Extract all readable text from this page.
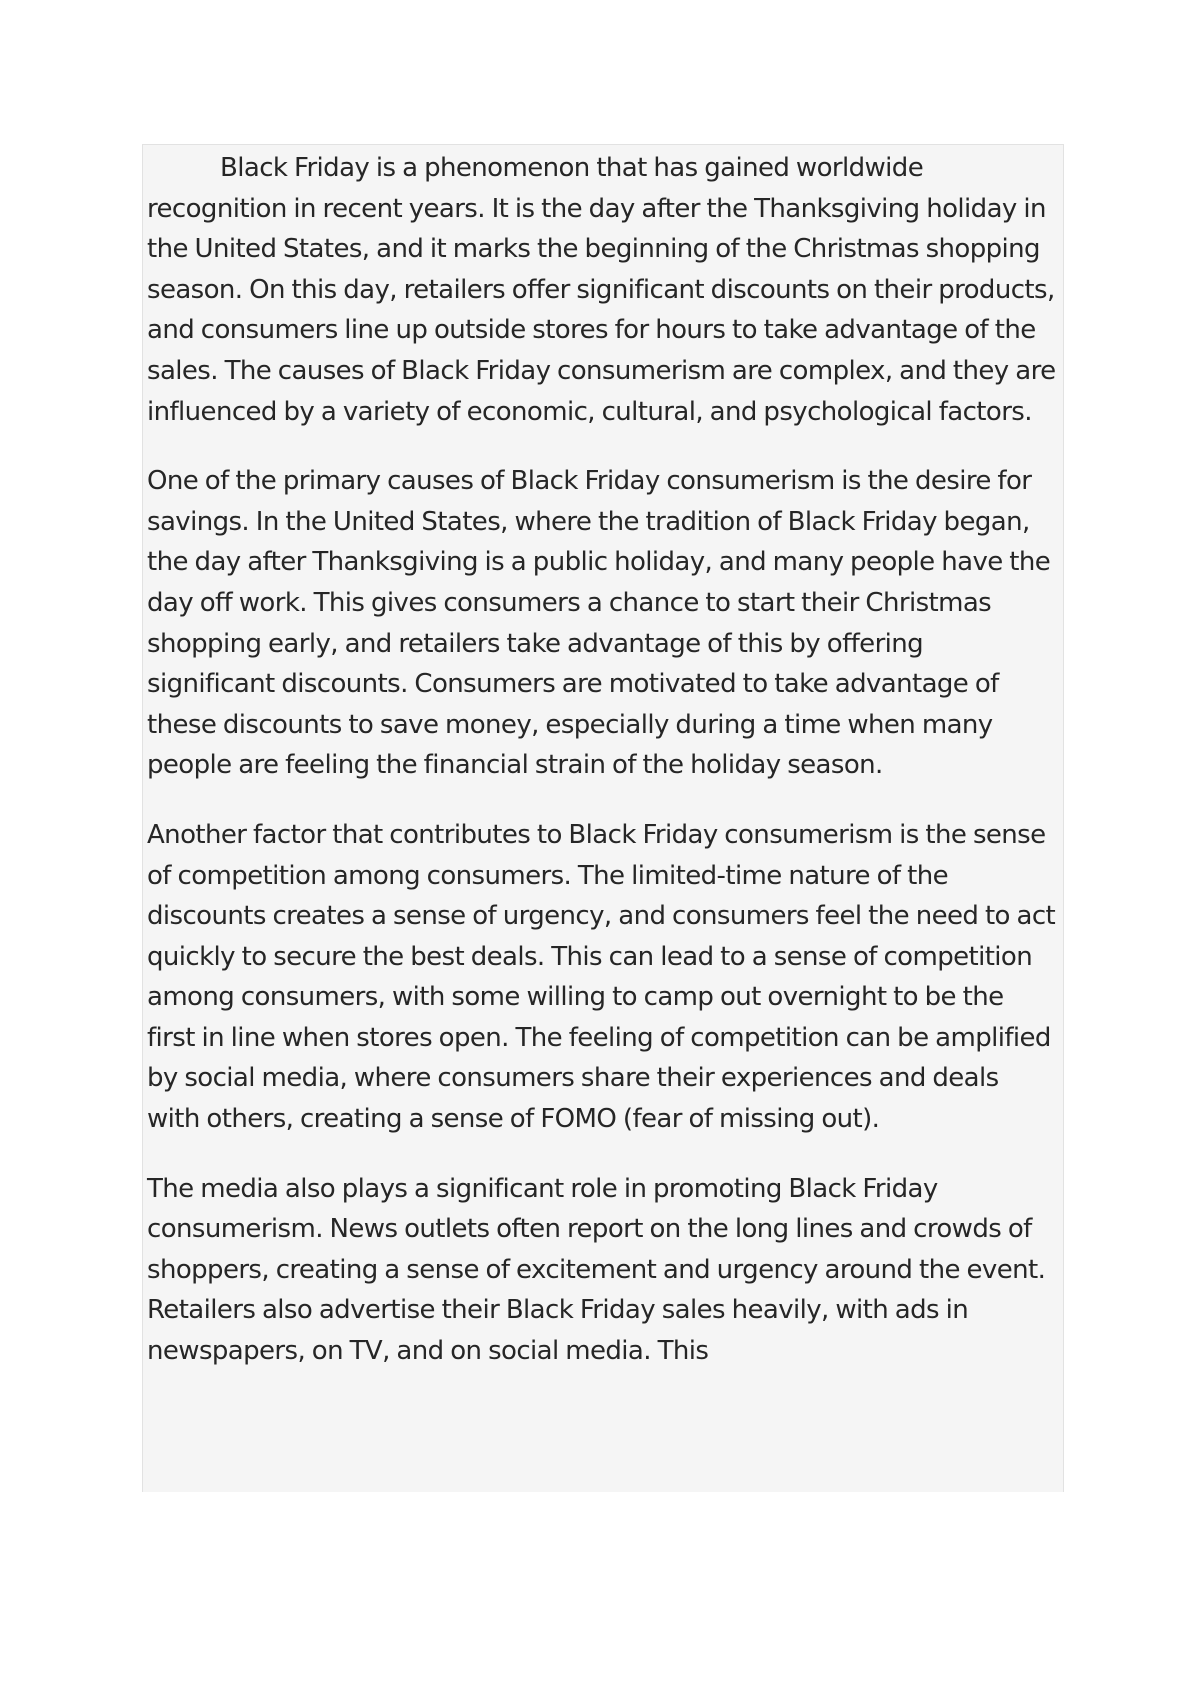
Black Friday is a phenomenon that has gained worldwide recognition in recent years. It is the day after the Thanksgiving holiday in the United States, and it marks the beginning of the Christmas shopping season. On this day, retailers offer significant discounts on their products, and consumers line up outside stores for hours to take advantage of the sales. The causes of Black Friday consumerism are complex, and they are influenced by a variety of economic, cultural, and psychological factors.

One of the primary causes of Black Friday consumerism is the desire for savings. In the United States, where the tradition of Black Friday began, the day after Thanksgiving is a public holiday, and many people have the day off work. This gives consumers a chance to start their Christmas shopping early, and retailers take advantage of this by offering significant discounts. Consumers are motivated to take advantage of these discounts to save money, especially during a time when many people are feeling the financial strain of the holiday season.

Another factor that contributes to Black Friday consumerism is the sense of competition among consumers. The limited-time nature of the discounts creates a sense of urgency, and consumers feel the need to act quickly to secure the best deals. This can lead to a sense of competition among consumers, with some willing to camp out overnight to be the first in line when stores open. The feeling of competition can be amplified by social media, where consumers share their experiences and deals with others, creating a sense of FOMO (fear of missing out).

The media also plays a significant role in promoting Black Friday consumerism. News outlets often report on the long lines and crowds of shoppers, creating a sense of excitement and urgency around the event. Retailers also advertise their Black Friday sales heavily, with ads in newspapers, on TV, and on social media. This
